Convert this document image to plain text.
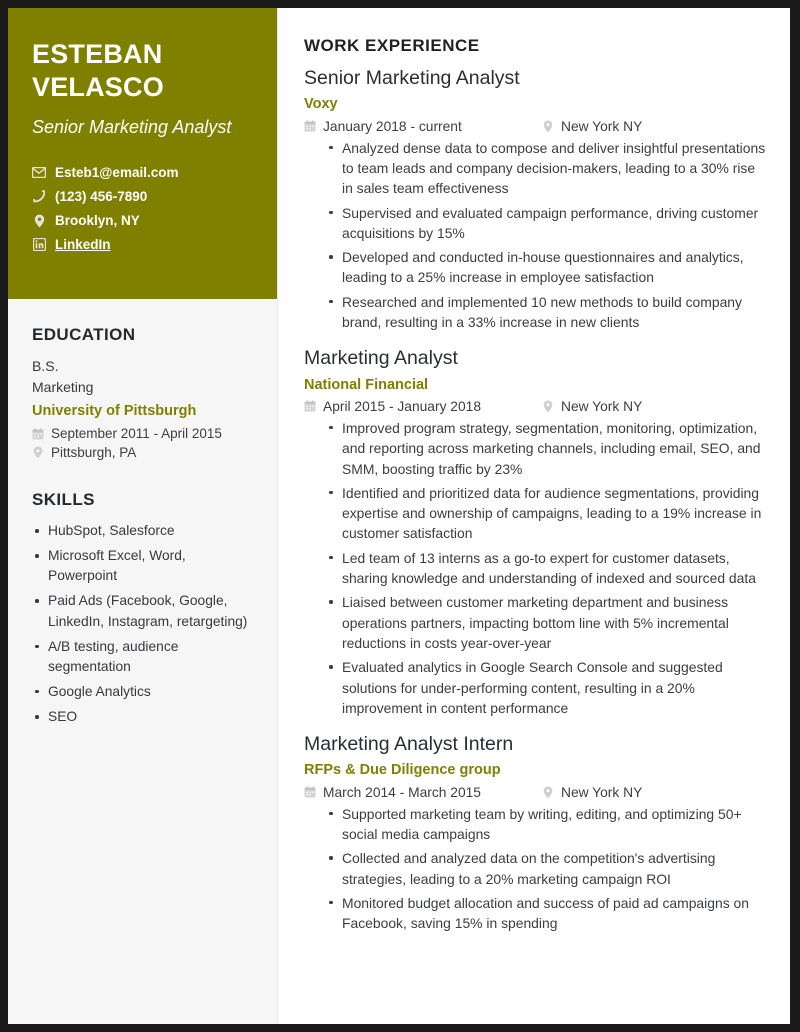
ESTEBAN VELASCO
Senior Marketing Analyst
Esteb1@email.com
(123) 456-7890
Brooklyn, NY
LinkedIn
EDUCATION
B.S.
Marketing
University of Pittsburgh
September 2011 - April 2015
Pittsburgh, PA
SKILLS
HubSpot, Salesforce
Microsoft Excel, Word, Powerpoint
Paid Ads (Facebook, Google, LinkedIn, Instagram, retargeting)
A/B testing, audience segmentation
Google Analytics
SEO
WORK EXPERIENCE
Senior Marketing Analyst
Voxy
January 2018 - current	New York NY
Analyzed dense data to compose and deliver insightful presentations to team leads and company decision-makers, leading to a 30% rise in sales team effectiveness
Supervised and evaluated campaign performance, driving customer acquisitions by 15%
Developed and conducted in-house questionnaires and analytics, leading to a 25% increase in employee satisfaction
Researched and implemented 10 new methods to build company brand, resulting in a 33% increase in new clients
Marketing Analyst
National Financial
April 2015 - January 2018	New York NY
Improved program strategy, segmentation, monitoring, optimization, and reporting across marketing channels, including email, SEO, and SMM, boosting traffic by 23%
Identified and prioritized data for audience segmentations, providing expertise and ownership of campaigns, leading to a 19% increase in customer satisfaction
Led team of 13 interns as a go-to expert for customer datasets, sharing knowledge and understanding of indexed and sourced data
Liaised between customer marketing department and business operations partners, impacting bottom line with 5% incremental reductions in costs year-over-year
Evaluated analytics in Google Search Console and suggested solutions for under-performing content, resulting in a 20% improvement in content performance
Marketing Analyst Intern
RFPs & Due Diligence group
March 2014 - March 2015	New York NY
Supported marketing team by writing, editing, and optimizing 50+ social media campaigns
Collected and analyzed data on the competition's advertising strategies, leading to a 20% marketing campaign ROI
Monitored budget allocation and success of paid ad campaigns on Facebook, saving 15% in spending
